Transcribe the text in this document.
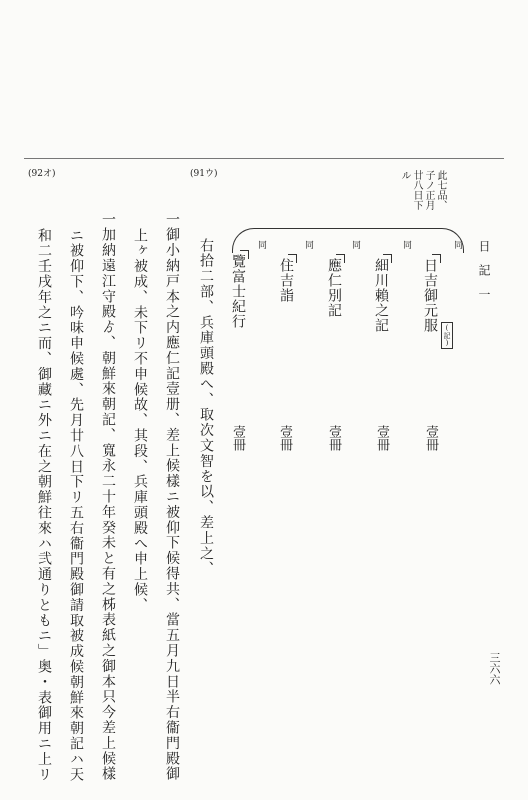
日記一
三六六
(92オ)	(91ウ)	此七品、
子ノ正月
廿八日下
ル
同
同
同
同
同
日吉御元服
(記)
壹冊
細川賴之記
壹冊
應仁別記
壹冊
住吉詣
壹冊
覽富士紀行
壹冊
右拾二部、兵庫頭殿へ、取次文智を以、差上之、
一御小納戸本之内應仁記壹册、差上候樣ニ被仰下候得共、當五月九日半右衞門殿御
上ヶ被成、未下リ不申候故、其段、兵庫頭殿へ申上候、
一加納遠江守殿ゟ、朝鮮來朝記、寬永二十年癸未と有之柹表紙之御本只今差上候樣
ニ被仰下、吟味申候處、先月廿八日下リ五右衞門殿御請取被成候朝鮮來朝記ハ天
和二壬戌年之ニ而、御藏ニ外ニ在之朝鮮往來ハ弐通りともニ」奥・表御用ニ上リ
